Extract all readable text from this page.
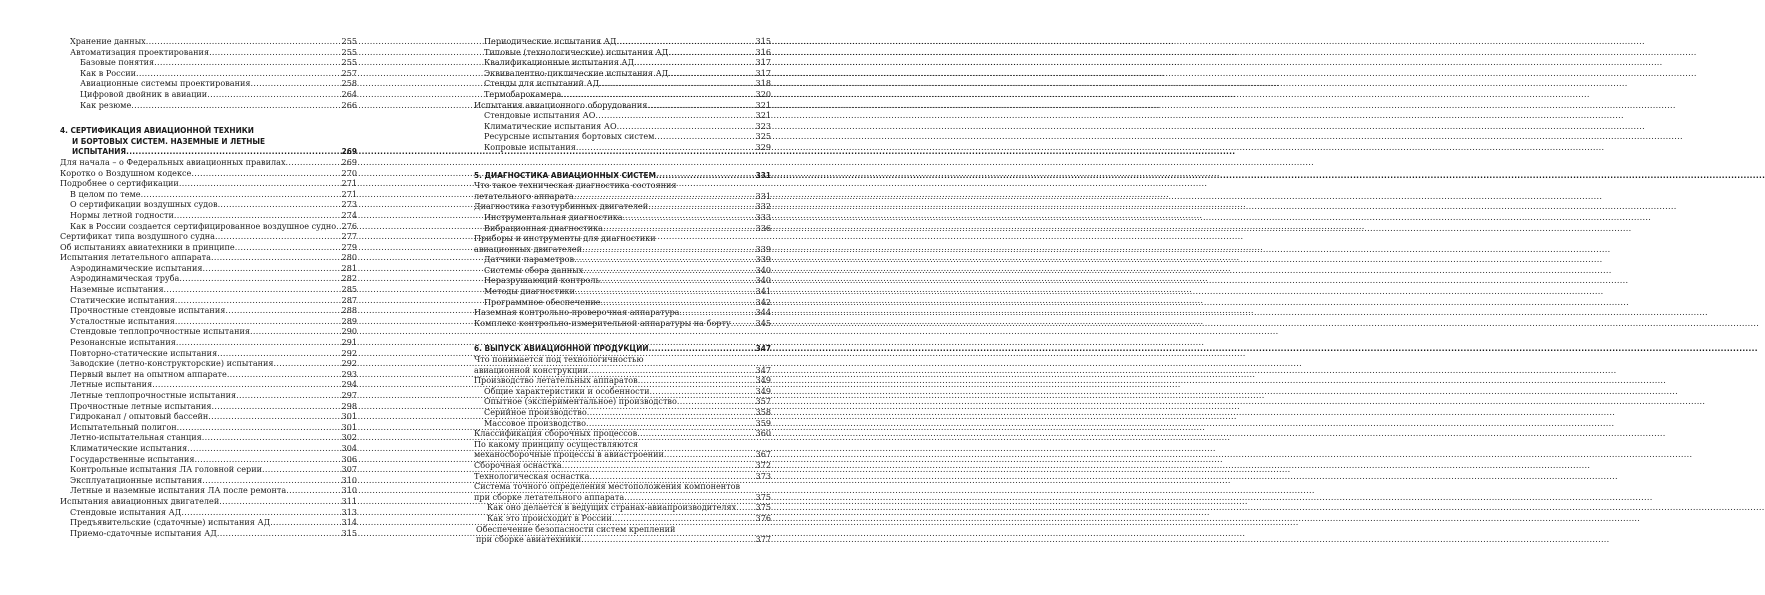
Хранение данных .....	255
Автоматизация проектирования .....	255
Базовые понятия .....	255
Как в России .....	257
Авиационные системы проектирования .....	258
Цифровой двойник в авиации .....	264
Как резюме .....	266
4. СЕРТИФИКАЦИЯ АВИАЦИОННОЙ ТЕХНИКИ
И БОРТОВЫХ СИСТЕМ. НАЗЕМНЫЕ И ЛЕТНЫЕ
ИСПЫТАНИЯ .....	269
Для начала – о Федеральных авиационных правилах .....	269
Коротко о Воздушном кодексе .....	270
Подробнее о сертификации .....	271
В целом по теме .....	271
О сертификации воздушных судов .....	273
Нормы летной годности .....	274
Как в России создается сертифицированное воздушное судно ..... 276
Сертификат типа воздушного судна .....	277
Об испытаниях авиатехники в принципе .....	279
Испытания летательного аппарата .....	280
Аэродинамические испытания .....	281
Аэродинамическая труба .....	282
Наземные испытания .....	285
Статические испытания .....	287
Прочностные стендовые испытания .....	288
Усталостные испытания .....	289
Стендовые теплопрочностные испытания .....	290
Резонансные испытания .....	291
Повторно-статические испытания .....	292
Заводские (летно-конструкторские) испытания .....	292
Первый вылет на опытном аппарате .....	293
Летные испытания .....	294
Летные теплопрочностные испытания .....	297
Прочностные летные испытания .....	298
Гидроканал / опытовый бассейн .....	301
Испытательный полигон .....	301
Летно-испытательная станция .....	302
Климатические испытания .....	304
Государственные испытания .....	306
Контрольные испытания ЛА головной серии .....	307
Эксплуатационные испытания .....	310
Летные и наземные испытания ЛА после ремонта .....	310
Испытания авиационных двигателей .....	311
Стендовые испытания АД .....	313
Предъявительские (сдаточные) испытания АД .....	314
Приемо-сдаточные испытания АД .....	315
Периодические испытания АД .....	315
Типовые (технологические) испытания АД .....	316
Квалификационные испытания АД .....	317
Эквивалентно-циклические испытания АД .....	317
Стенды для испытаний АД .....	318
Термобарокамера .....	320
Испытания авиационного оборудования .....	321
Стендовые испытания АО .....	321
Климатические испытания АО .....	323
Ресурсные испытания бортовых систем .....	325
Копровые испытания .....	329
5. ДИАГНОСТИКА АВИАЦИОННЫХ СИСТЕМ .....	331
Что такое техническая диагностика состояния
летательного аппарата .....	331
Диагностика газотурбинных двигателей .....	332
Инструментальная диагностика .....	333
Вибрационная диагностика .....	336
Приборы и инструменты для диагностики
авиационных двигателей .....	339
Датчики параметров .....	339
Системы сбора данных .....	340
Неразрушающий контроль .....	340
Методы диагностики .....	341
Программное обеспечение .....	342
Наземная контрольно-проверочная аппаратура .....	344
Комплекс контрольно-измерительной аппаратуры на борту .....	345
6. ВЫПУСК АВИАЦИОННОЙ ПРОДУКЦИИ .....	347
Что понимается под технологичностью
авиационной конструкции .....	347
Производство летательных аппаратов .....	349
Общие характеристики и особенности .....	349
Опытное (экспериментальное) производство .....	357
Серийное производство .....	358
Массовое производство .....	359
Классификация сборочных процессов .....	360
По какому принципу осуществляются
механосборочные процессы в авиастроении .....	367
Сборочная оснастка .....	372
Технологическая оснастка .....	373
Система точного определения местоположения компонентов
при сборке летательного аппарата .....	375
Как оно делается в ведущих странах-авиапроизводителях ..... 375
Как это происходит в России .....	376
Обеспечение безопасности систем креплений
при сборке авиатехники .....	377
